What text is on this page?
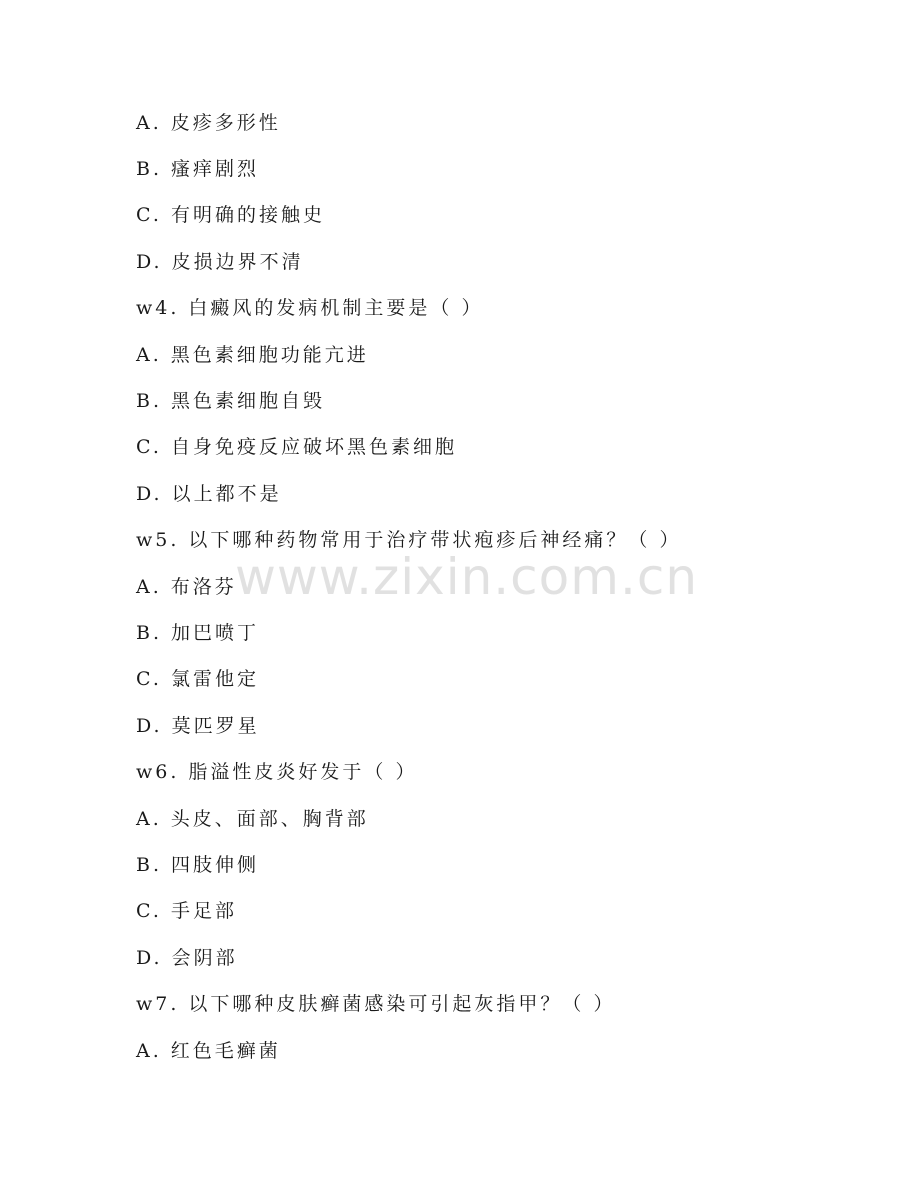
A. 皮疹多形性
B. 瘙痒剧烈
C. 有明确的接触史
D. 皮损边界不清
w4. 白癜风的发病机制主要是（ ）
A. 黑色素细胞功能亢进
B. 黑色素细胞自毁
C. 自身免疫反应破坏黑色素细胞
D. 以上都不是
w5. 以下哪种药物常用于治疗带状疱疹后神经痛？（ ）
A. 布洛芬
B. 加巴喷丁
C. 氯雷他定
D. 莫匹罗星
w6. 脂溢性皮炎好发于（ ）
A. 头皮、面部、胸背部
B. 四肢伸侧
C. 手足部
D. 会阴部
w7. 以下哪种皮肤癣菌感染可引起灰指甲？（ ）
A. 红色毛癣菌
www.zixin.com.cn
